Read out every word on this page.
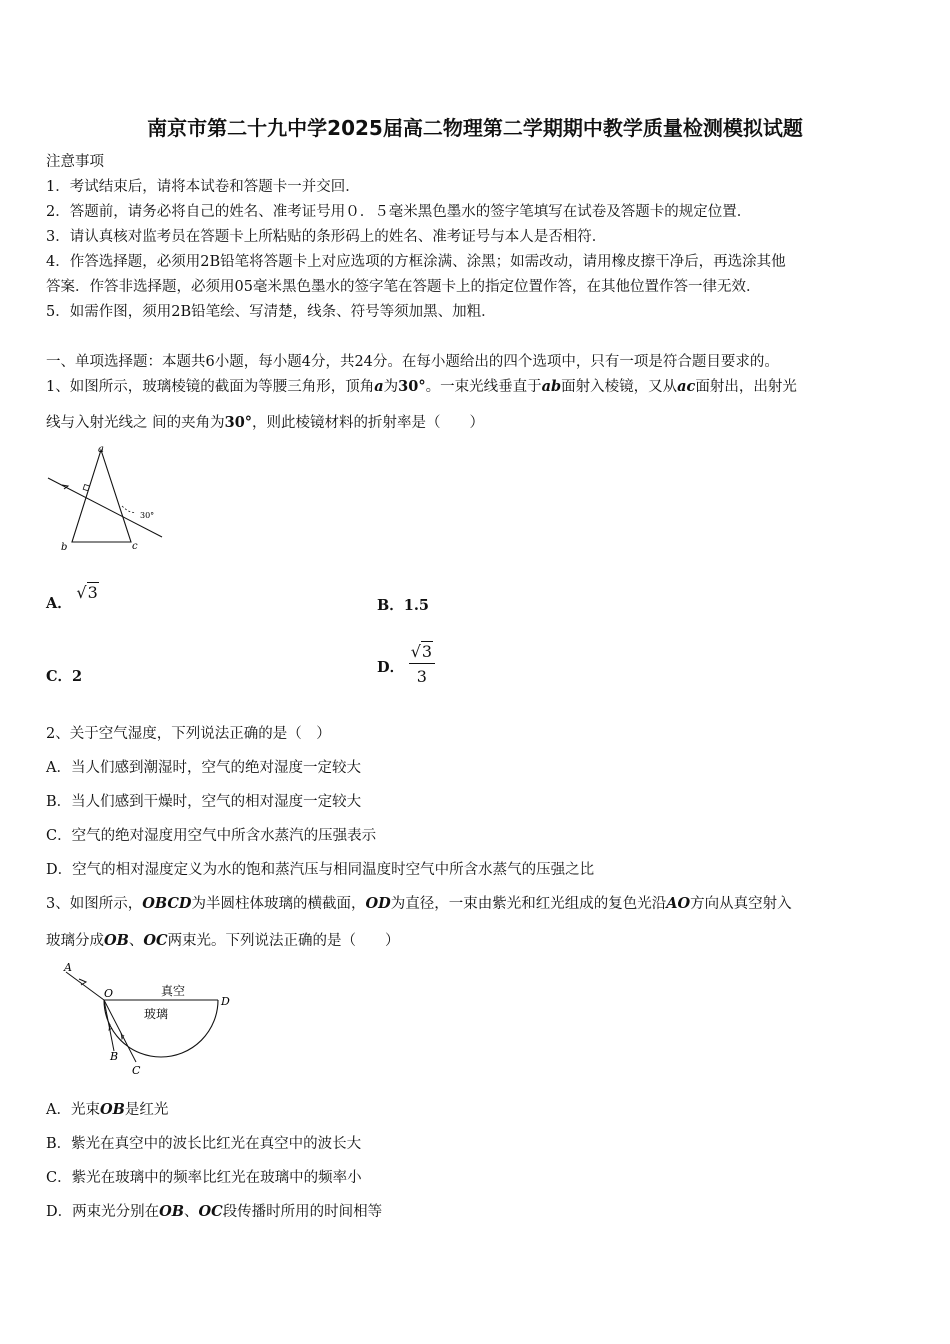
南京市第二十九中学2025届高二物理第二学期期中教学质量检测模拟试题
注意事项
1．考试结束后，请将本试卷和答题卡一并交回．
2．答题前，请务必将自己的姓名、准考证号用０．５毫米黑色墨水的签字笔填写在试卷及答题卡的规定位置．
3．请认真核对监考员在答题卡上所粘贴的条形码上的姓名、准考证号与本人是否相符．
4．作答选择题，必须用2B铅笔将答题卡上对应选项的方框涂满、涂黑；如需改动，请用橡皮擦干净后，再选涂其他
答案．作答非选择题，必须用05毫米黑色墨水的签字笔在答题卡上的指定位置作答，在其他位置作答一律无效．
5．如需作图，须用2B铅笔绘、写清楚，线条、符号等须加黑、加粗．
一、单项选择题：本题共6小题，每小题4分，共24分。在每小题给出的四个选项中，只有一项是符合题目要求的。
1、如图所示，玻璃棱镜的截面为等腰三角形，顶角a为30°。一束光线垂直于ab面射入棱镜，又从ac面射出，出射光
线与入射光线之 间的夹角为30°，则此棱镜材料的折射率是（　　）
a
b	c
30°
A． √3
B．1.5
C．2
D． $\frac{√3}{3}$
2、关于空气湿度，下列说法正确的是（　）
A．当人们感到潮湿时，空气的绝对湿度一定较大
B．当人们感到干燥时，空气的相对湿度一定较大
C．空气的绝对湿度用空气中所含水蒸汽的压强表示
D．空气的相对湿度定义为水的饱和蒸汽压与相同温度时空气中所含水蒸气的压强之比
3、如图所示，OBCD为半圆柱体玻璃的横截面，OD为直径，一束由紫光和红光组成的复色光沿AO方向从真空射入
玻璃分成OB、OC两束光。下列说法正确的是（　　）
A
O
D
B
C
真空
玻璃
A．光束OB是红光
B．紫光在真空中的波长比红光在真空中的波长大
C．紫光在玻璃中的频率比红光在玻璃中的频率小
D．两束光分别在OB、OC段传播时所用的时间相等
